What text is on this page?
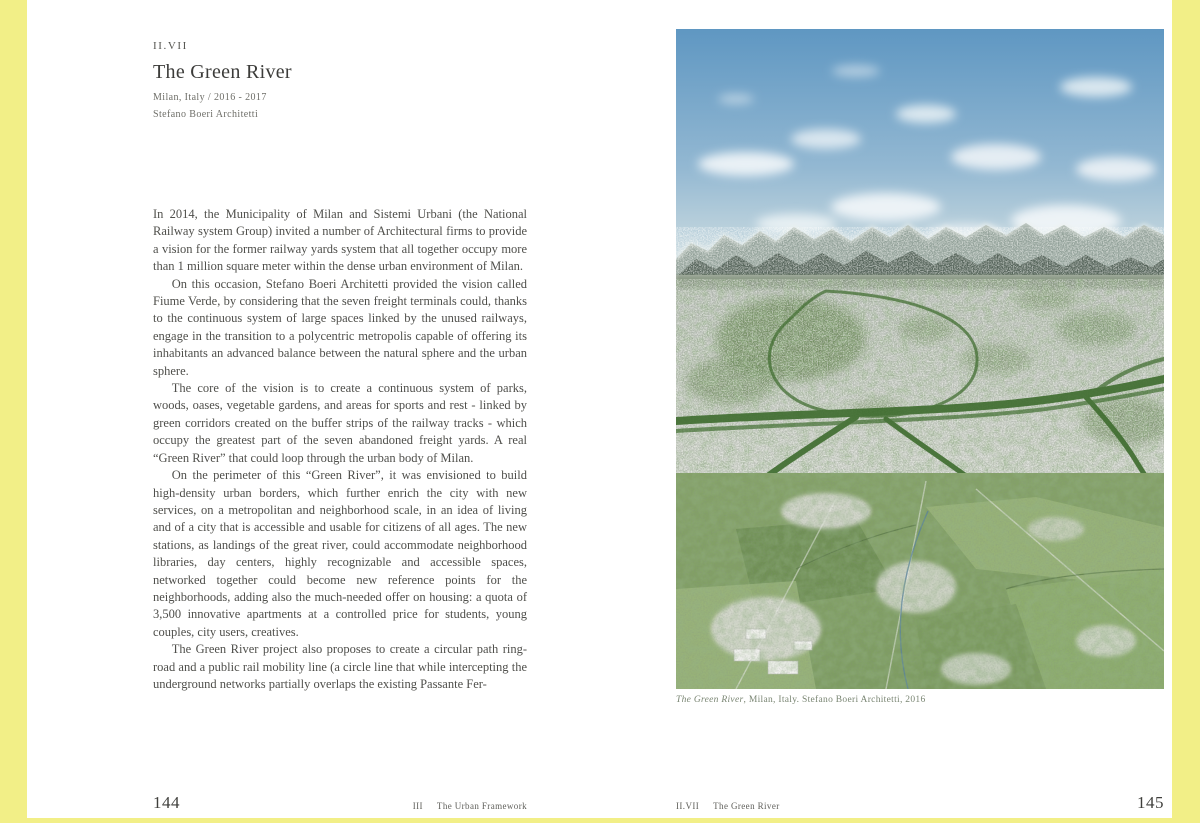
II.VII
The Green River
Milan, Italy / 2016 - 2017
Stefano Boeri Architetti

In 2014, the Municipality of Milan and Sistemi Urbani (the National Railway system Group) invited a number of Architectural firms to provide a vision for the former railway yards system that all together occupy more than 1 million square meter within the dense urban environment of Milan.

On this occasion, Stefano Boeri Architetti provided the vision called Fiume Verde, by considering that the seven freight terminals could, thanks to the continuous system of large spaces linked by the unused railways, engage in the transition to a polycentric metropolis capable of offering its inhabitants an advanced balance between the natural sphere and the urban sphere.

The core of the vision is to create a continuous system of parks, woods, oases, vegetable gardens, and areas for sports and rest - linked by green corridors created on the buffer strips of the railway tracks - which occupy the greatest part of the seven abandoned freight yards. A real “Green River” that could loop through the urban body of Milan.

On the perimeter of this “Green River”, it was envisioned to build high-density urban borders, which further enrich the city with new services, on a metropolitan and neighborhood scale, in an idea of living and of a city that is accessible and usable for citizens of all ages. The new stations, as landings of the great river, could accommodate neighborhood libraries, day centers, highly recognizable and accessible spaces, networked together could become new reference points for the neighborhoods, adding also the much-needed offer on housing: a quota of 3,500 innovative apartments at a controlled price for students, young couples, city users, creatives.

The Green River project also proposes to create a circular path ring-road and a public rail mobility line (a circle line that while intercepting the underground networks partially overlaps the existing Passante Fer-

144	III The Urban Framework
The Green River, Milan, Italy. Stefano Boeri Architetti, 2016
145
II.VII The Green River
